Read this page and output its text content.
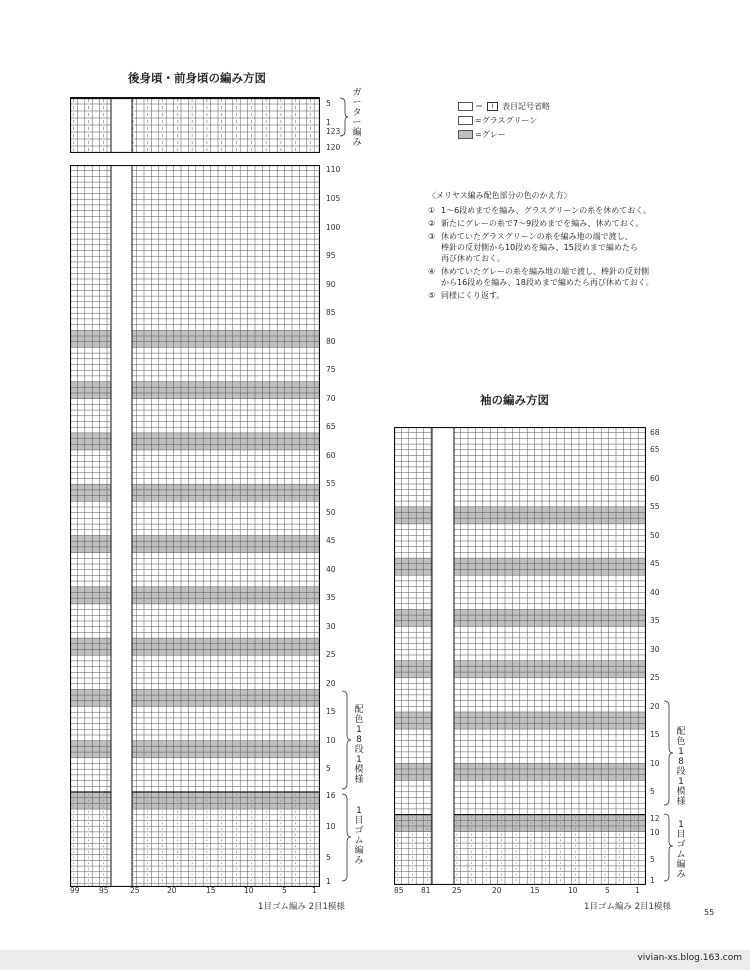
後身頃・前身頃の編み方図
5
1
123
120
ガーター編み
110
105
100
95
90
85
80
75
70
65
60
55
50
45
40
35
30
25
20
15
10
5
16
10
5
1
99	95	25	20	15	10	5	1
1目ゴム編み 2目1模様
配色18段1模様
1目ゴム編み
＝	I	表目記号省略
=グラスグリーン
=グレー
〈メリヤス編み配色部分の色のかえ方〉
① 1〜6段めまでを編み、グラスグリーンの糸を休めておく。
② 新たにグレーの糸で7〜9段めまでを編み、休めておく。
③ 休めていたグラスグリーンの糸を編み地の端で渡し、
棒針の反対側から10段めを編み、15段めまで編めたら
再び休めておく。
④ 休めていたグレーの糸を編み地の端で渡し、棒針の反対側
から16段めを編み、18段めまで編めたら再び休めておく。
⑤ 同様にくり返す。
袖の編み方図
68
65
60
55
50
45
40
35
30
25
20
15
10
5
12
10
5
1
85 81	25	20	15	10	5	1
1目ゴム編み 2目1模様
配色18段1模様
1目ゴム編み
55
vivian-xs.blog.163.com
